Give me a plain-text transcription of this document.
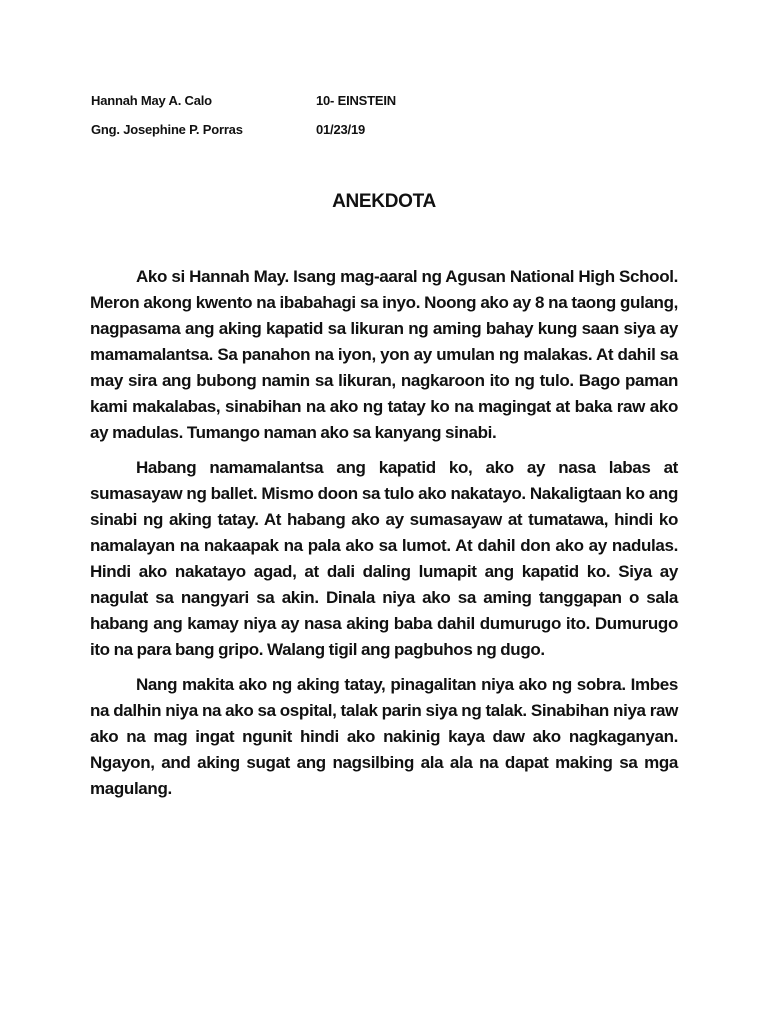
Hannah May A. Calo	10- EINSTEIN
Gng. Josephine P. Porras	01/23/19
ANEKDOTA

Ako si Hannah May. Isang mag-aaral ng Agusan National High School. Meron akong kwento na ibabahagi sa inyo. Noong ako ay 8 na taong gulang, nagpasama ang aking kapatid sa likuran ng aming bahay kung saan siya ay mamamalantsa. Sa panahon na iyon, yon ay umulan ng malakas. At dahil sa may sira ang bubong namin sa likuran, nagkaroon ito ng tulo. Bago paman kami makalabas, sinabihan na ako ng tatay ko na magingat at baka raw ako ay madulas. Tumango naman ako sa kanyang sinabi.

Habang namamalantsa ang kapatid ko, ako ay nasa labas at sumasayaw ng ballet. Mismo doon sa tulo ako nakatayo. Nakaligtaan ko ang sinabi ng aking tatay. At habang ako ay sumasayaw at tumatawa, hindi ko namalayan na nakaapak na pala ako sa lumot. At dahil don ako ay nadulas. Hindi ako nakatayo agad, at dali daling lumapit ang kapatid ko. Siya ay nagulat sa nangyari sa akin. Dinala niya ako sa aming tanggapan o sala habang ang kamay niya ay nasa aking baba dahil dumurugo ito. Dumurugo ito na para bang gripo. Walang tigil ang pagbuhos ng dugo.

Nang makita ako ng aking tatay, pinagalitan niya ako ng sobra. Imbes na dalhin niya na ako sa ospital, talak parin siya ng talak. Sinabihan niya raw ako na mag ingat ngunit hindi ako nakinig kaya daw ako nagkaganyan. Ngayon, and aking sugat ang nagsilbing ala ala na dapat making sa mga magulang.
